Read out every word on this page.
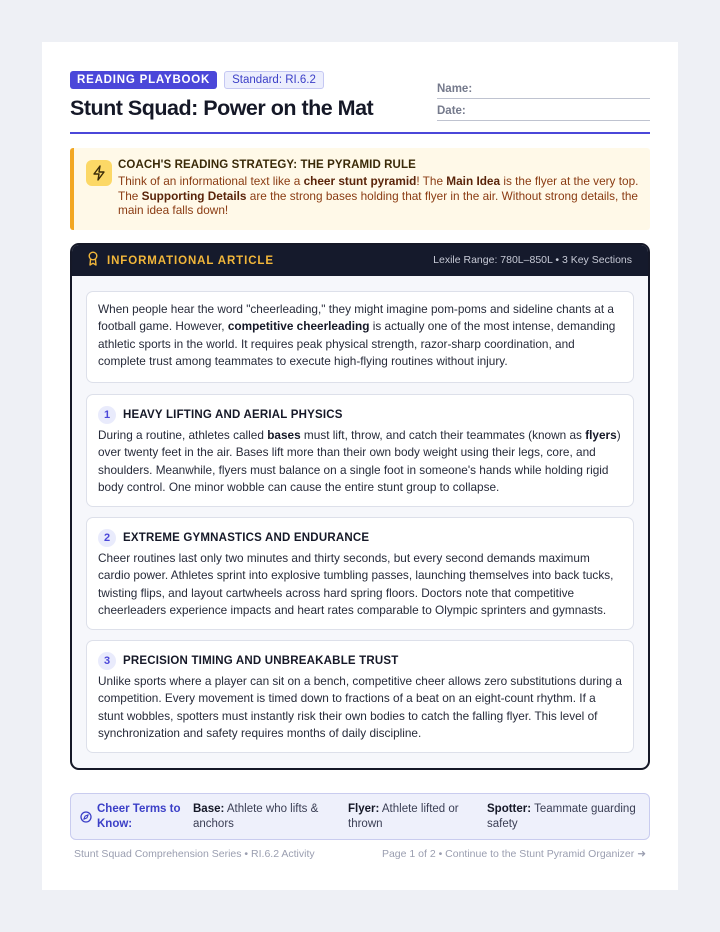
READING PLAYBOOK	Standard: RI.6.2
Stunt Squad: Power on the Mat
Name:
Date:
COACH'S READING STRATEGY: THE PYRAMID RULE
Think of an informational text like a cheer stunt pyramid! The Main Idea is the flyer at the very top. The Supporting Details are the strong bases holding that flyer in the air. Without strong details, the main idea falls down!
INFORMATIONAL ARTICLE	Lexile Range: 780L–850L • 3 Key Sections

When people hear the word "cheerleading," they might imagine pom-poms and sideline chants at a football game. However, competitive cheerleading is actually one of the most intense, demanding athletic sports in the world. It requires peak physical strength, razor-sharp coordination, and complete trust among teammates to execute high-flying routines without injury.

1	HEAVY LIFTING AND AERIAL PHYSICS

During a routine, athletes called bases must lift, throw, and catch their teammates (known as flyers) over twenty feet in the air. Bases lift more than their own body weight using their legs, core, and shoulders. Meanwhile, flyers must balance on a single foot in someone's hands while holding rigid body control. One minor wobble can cause the entire stunt group to collapse.

2	EXTREME GYMNASTICS AND ENDURANCE

Cheer routines last only two minutes and thirty seconds, but every second demands maximum cardio power. Athletes sprint into explosive tumbling passes, launching themselves into back tucks, twisting flips, and layout cartwheels across hard spring floors. Doctors note that competitive cheerleaders experience impacts and heart rates comparable to Olympic sprinters and gymnasts.

3	PRECISION TIMING AND UNBREAKABLE TRUST

Unlike sports where a player can sit on a bench, competitive cheer allows zero substitutions during a competition. Every movement is timed down to fractions of a beat on an eight-count rhythm. If a stunt wobbles, spotters must instantly risk their own bodies to catch the falling flyer. This level of synchronization and safety requires months of daily discipline.

Cheer Terms to Know:
Base: Athlete who lifts & anchors
Flyer: Athlete lifted or thrown
Spotter: Teammate guarding safety
Stunt Squad Comprehension Series • RI.6.2 Activity	Page 1 of 2 • Continue to the Stunt Pyramid Organizer ➜
